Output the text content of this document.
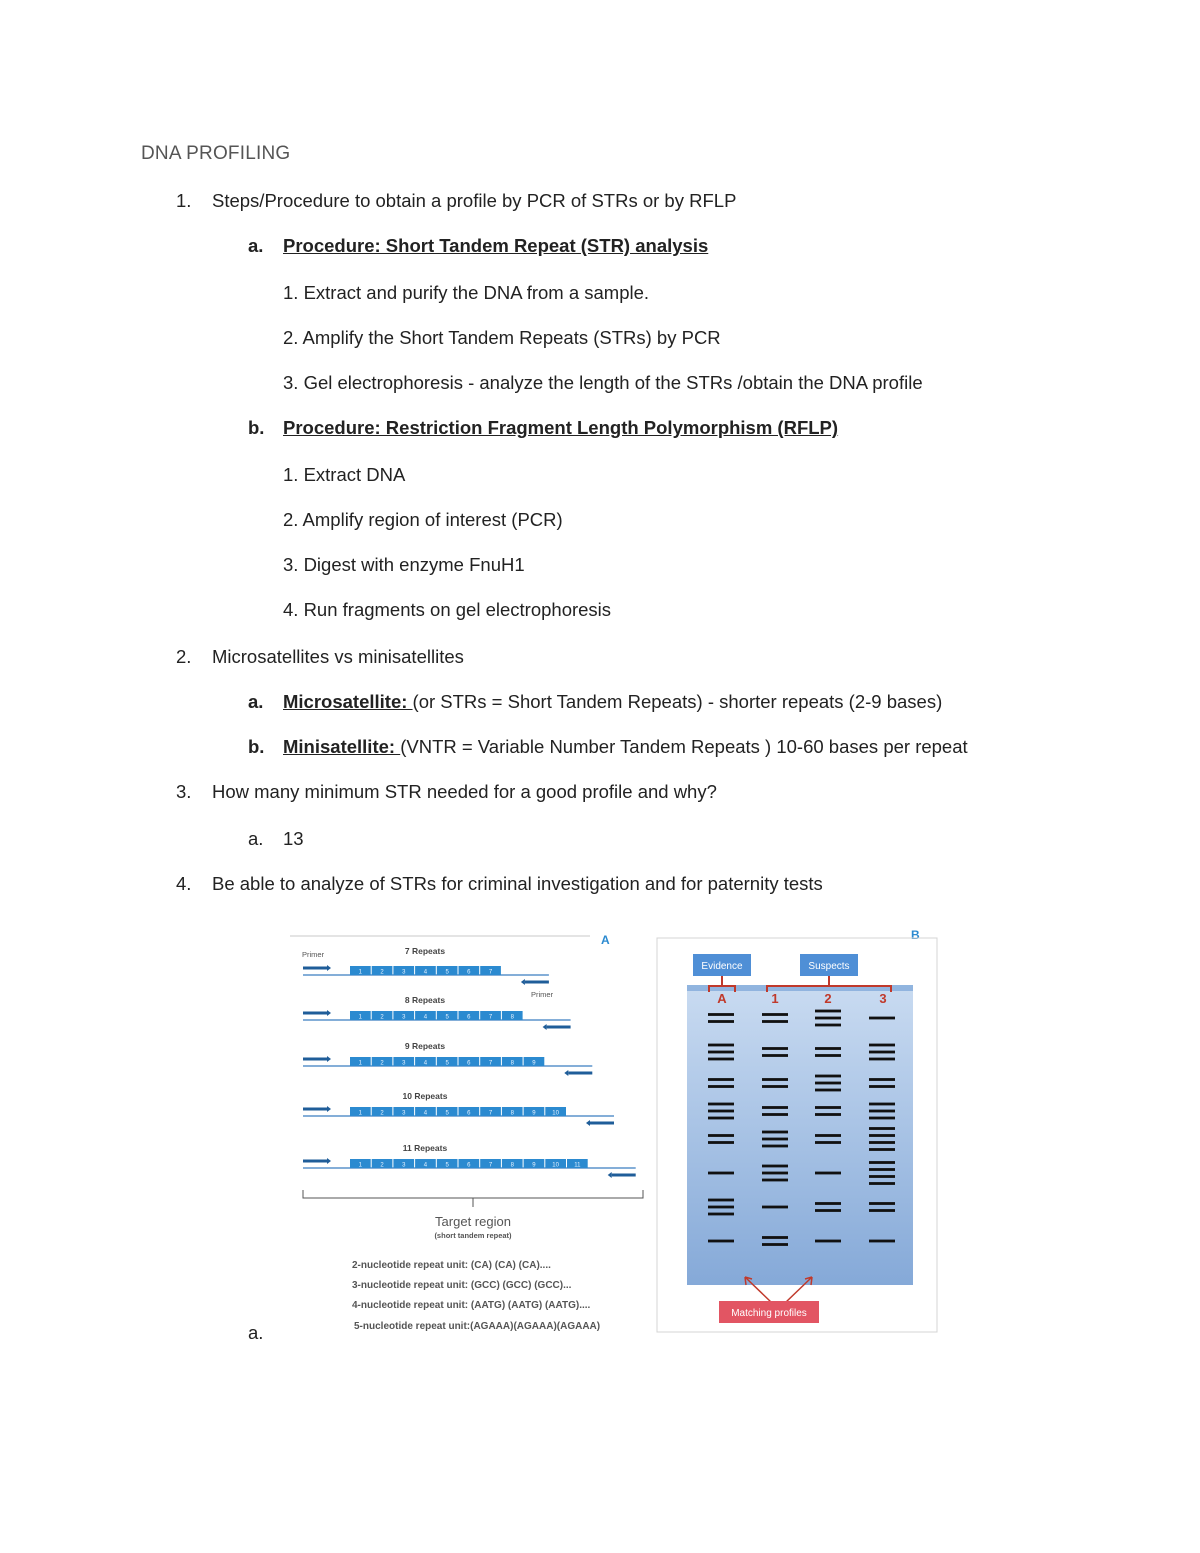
DNA PROFILING
1. Steps/Procedure to obtain a profile by PCR of STRs or by RFLP
a. Procedure: Short Tandem Repeat (STR) analysis
1. Extract and purify the DNA from a sample.
2. Amplify the Short Tandem Repeats (STRs) by PCR
3. Gel electrophoresis - analyze the length of the STRs /obtain the DNA profile
b. Procedure: Restriction Fragment Length Polymorphism (RFLP)
1. Extract DNA
2. Amplify region of interest (PCR)
3. Digest with enzyme FnuH1
4. Run fragments on gel electrophoresis
2. Microsatellites vs minisatellites
a. Microsatellite: (or STRs = Short Tandem Repeats) - shorter repeats (2-9 bases)
b. Minisatellite: (VNTR = Variable Number Tandem Repeats ) 10-60 bases per repeat
3. How many minimum STR needed for a good profile and why?
a. 13
4. Be able to analyze of STRs for criminal investigation and for paternity tests
a.
A
Primer
Primer
7 Repeats
1	2	3	4	5	6	7
8 Repeats
1	2	3	4	5	6	7	8
9 Repeats
1	2	3	4	5	6	7	8	9
10 Repeats
1	2	3	4	5	6	7	8	9	10
11 Repeats
1	2	3	4	5	6	7	8	9	10	11
Target region
(short tandem repeat)
2-nucleotide repeat unit: (CA) (CA) (CA)....
3-nucleotide repeat unit: (GCC) (GCC) (GCC)...
4-nucleotide repeat unit: (AATG) (AATG) (AATG)....
5-nucleotide repeat unit:(AGAAA)(AGAAA)(AGAAA)
B
Evidence	Suspects
A	1	2	3
Matching profiles
